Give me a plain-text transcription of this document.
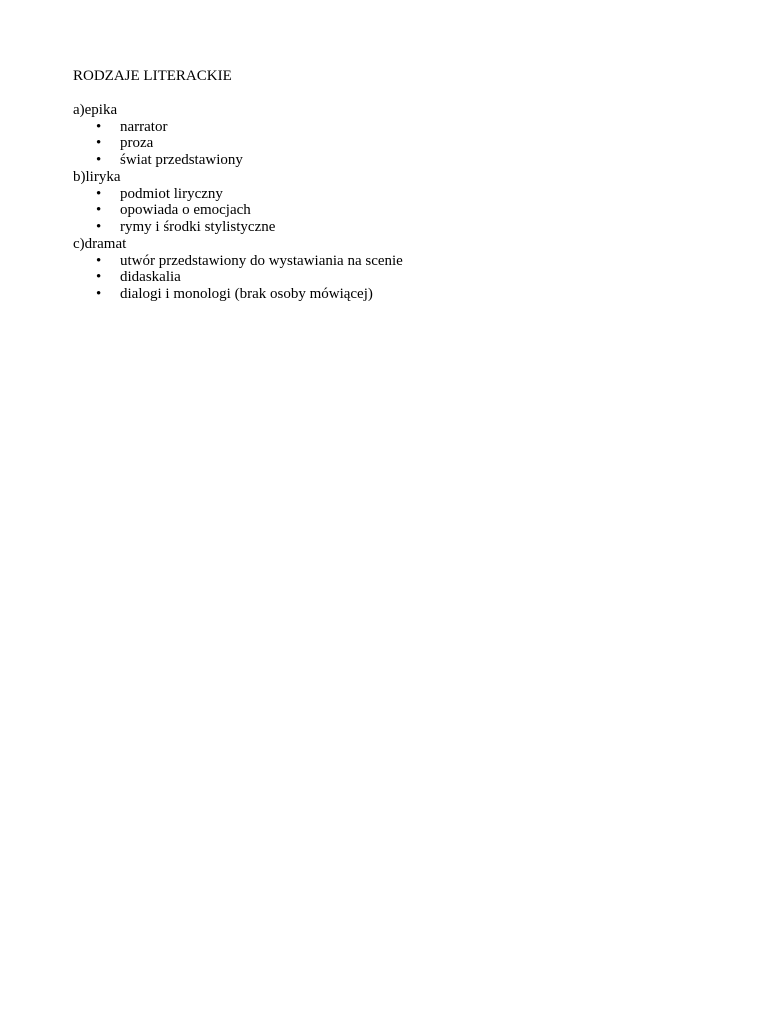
RODZAJE LITERACKIE

a)epika

• narrator
• proza
• świat przedstawiony

b)liryka

• podmiot liryczny
• opowiada o emocjach
• rymy i środki stylistyczne

c)dramat

• utwór przedstawiony do wystawiania na scenie
• didaskalia
• dialogi i monologi (brak osoby mówiącej)
